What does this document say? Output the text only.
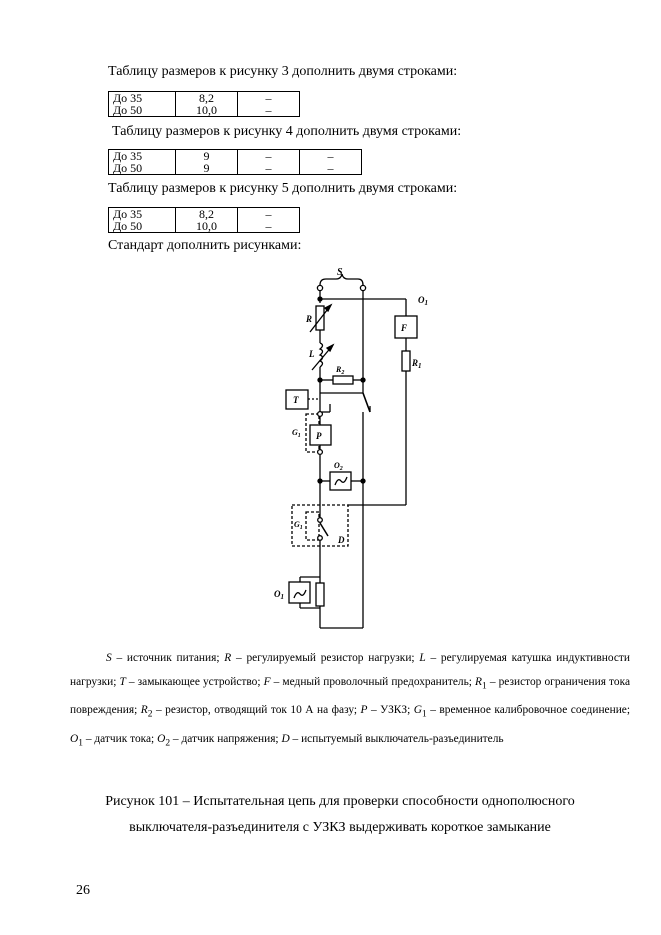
Таблицу размеров к рисунку 3 дополнить двумя строками:
До 35	8,2	–
До 50	10,0	–
Таблицу размеров к рисунку 4 дополнить двумя строками:
До 35	9	–	–
До 50	9	–	–
Таблицу размеров к рисунку 5 дополнить двумя строками:
До 35	8,2	–
До 50	10,0	–
Стандарт дополнить рисунками:
S
$O_1$
F
$R_1$
R
L
$R_2$
T
$G_1$ P
$O_2$
$G_1$
D
$O_1$
S – источник питания; R – регулируемый резистор нагрузки; L – регулируемая катушка индуктивности нагрузки; T – замыкающее устройство; F – медный проволочный предохранитель; $R_1$ – резистор ограничения тока повреждения; $R_2$ – резистор, отводящий ток 10 А на фазу; P – УЗКЗ; $G_1$ – временное калибровочное соединение; $O_1$ – датчик тока; $O_2$ – датчик напряжения; D – испытуемый выключатель-разъединитель
Рисунок 101 – Испытательная цепь для проверки способности однополюсного
выключателя-разъединителя с УЗКЗ выдерживать короткое замыкание
26
